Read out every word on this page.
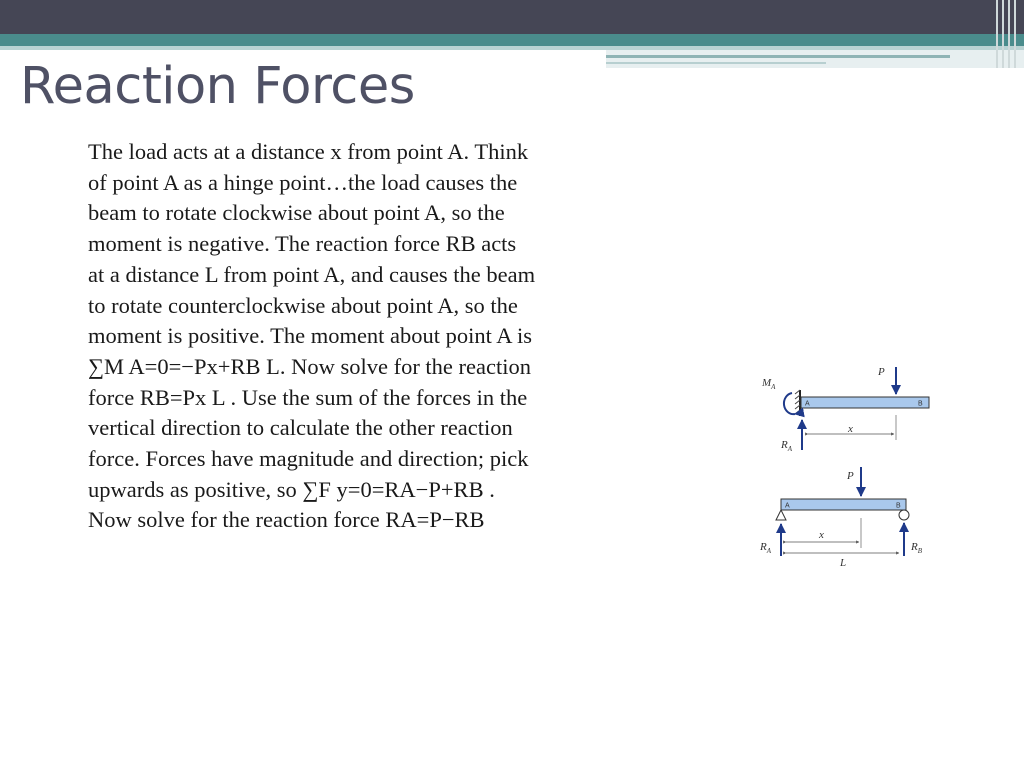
Reaction Forces

The load acts at a distance x from point A. Think of point A as a hinge point…the load causes the beam to rotate clockwise about point A, so the moment is negative. The reaction force RB acts at a distance L from point A, and causes the beam to rotate counterclockwise about point A, so the moment is positive. The moment about point A is ∑M A=0=−Px+RB L. Now solve for the reaction force RB=Px L . Use the sum of the forces in the vertical direction to calculate the other reaction force. Forces have magnitude and direction; pick upwards as positive, so ∑F y=0=RA−P+RB . Now solve for the reaction force RA=P−RB

A	B
$M_A$
P
$R_A$
x
A	B
P
$R_A$	$R_B$
x
L
